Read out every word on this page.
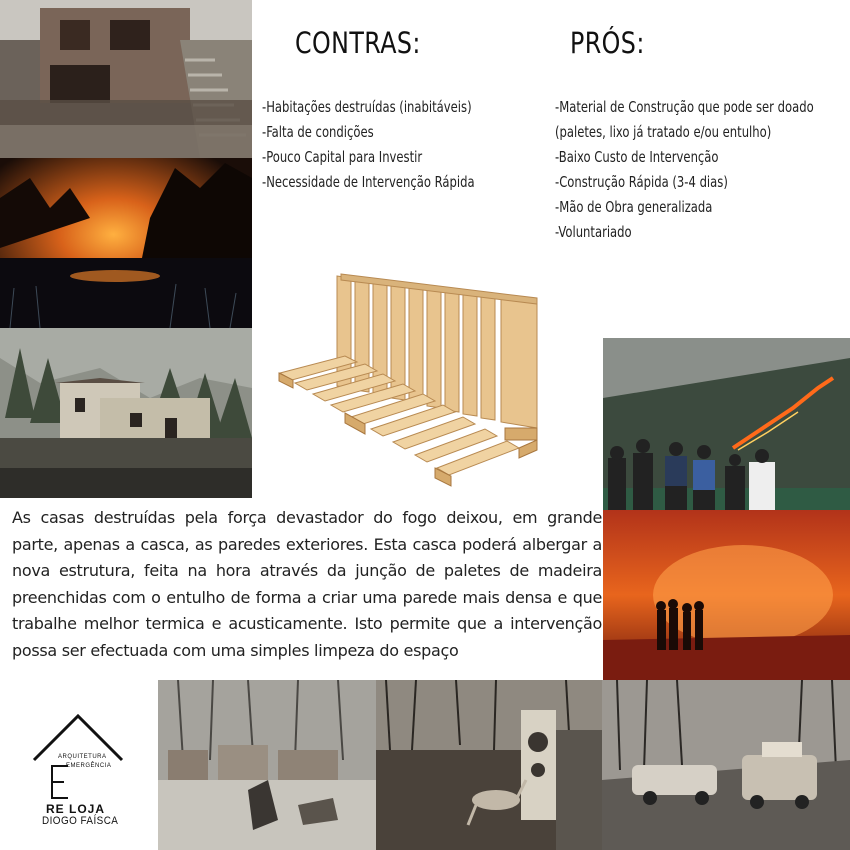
CONTRAS:
-Habitações destruídas (inabitáveis)
-Falta de condições
-Pouco Capital para Investir
-Necessidade de Intervenção Rápida
PRÓS:
-Material de Construção que pode ser doado
(paletes, lixo já tratado e/ou entulho)
-Baixo Custo de Intervenção
-Construção Rápida (3-4 dias)
-Mão de Obra generalizada
-Voluntariado

As casas destruídas pela força devastador do fogo deixou, em grande parte, apenas a casca, as paredes exteriores. Esta casca poderá albergar a nova estrutura, feita na hora através da junção de paletes de madeira preenchidas com o entulho de forma a criar uma parede mais densa e que trabalhe melhor termica e acusticamente. Isto permite que a intervenção possa ser efectuada com uma simples limpeza do espaço

ARQUITETURA
EMERGÊNCIA
RE LOJA
DIOGO FAÍSCA
